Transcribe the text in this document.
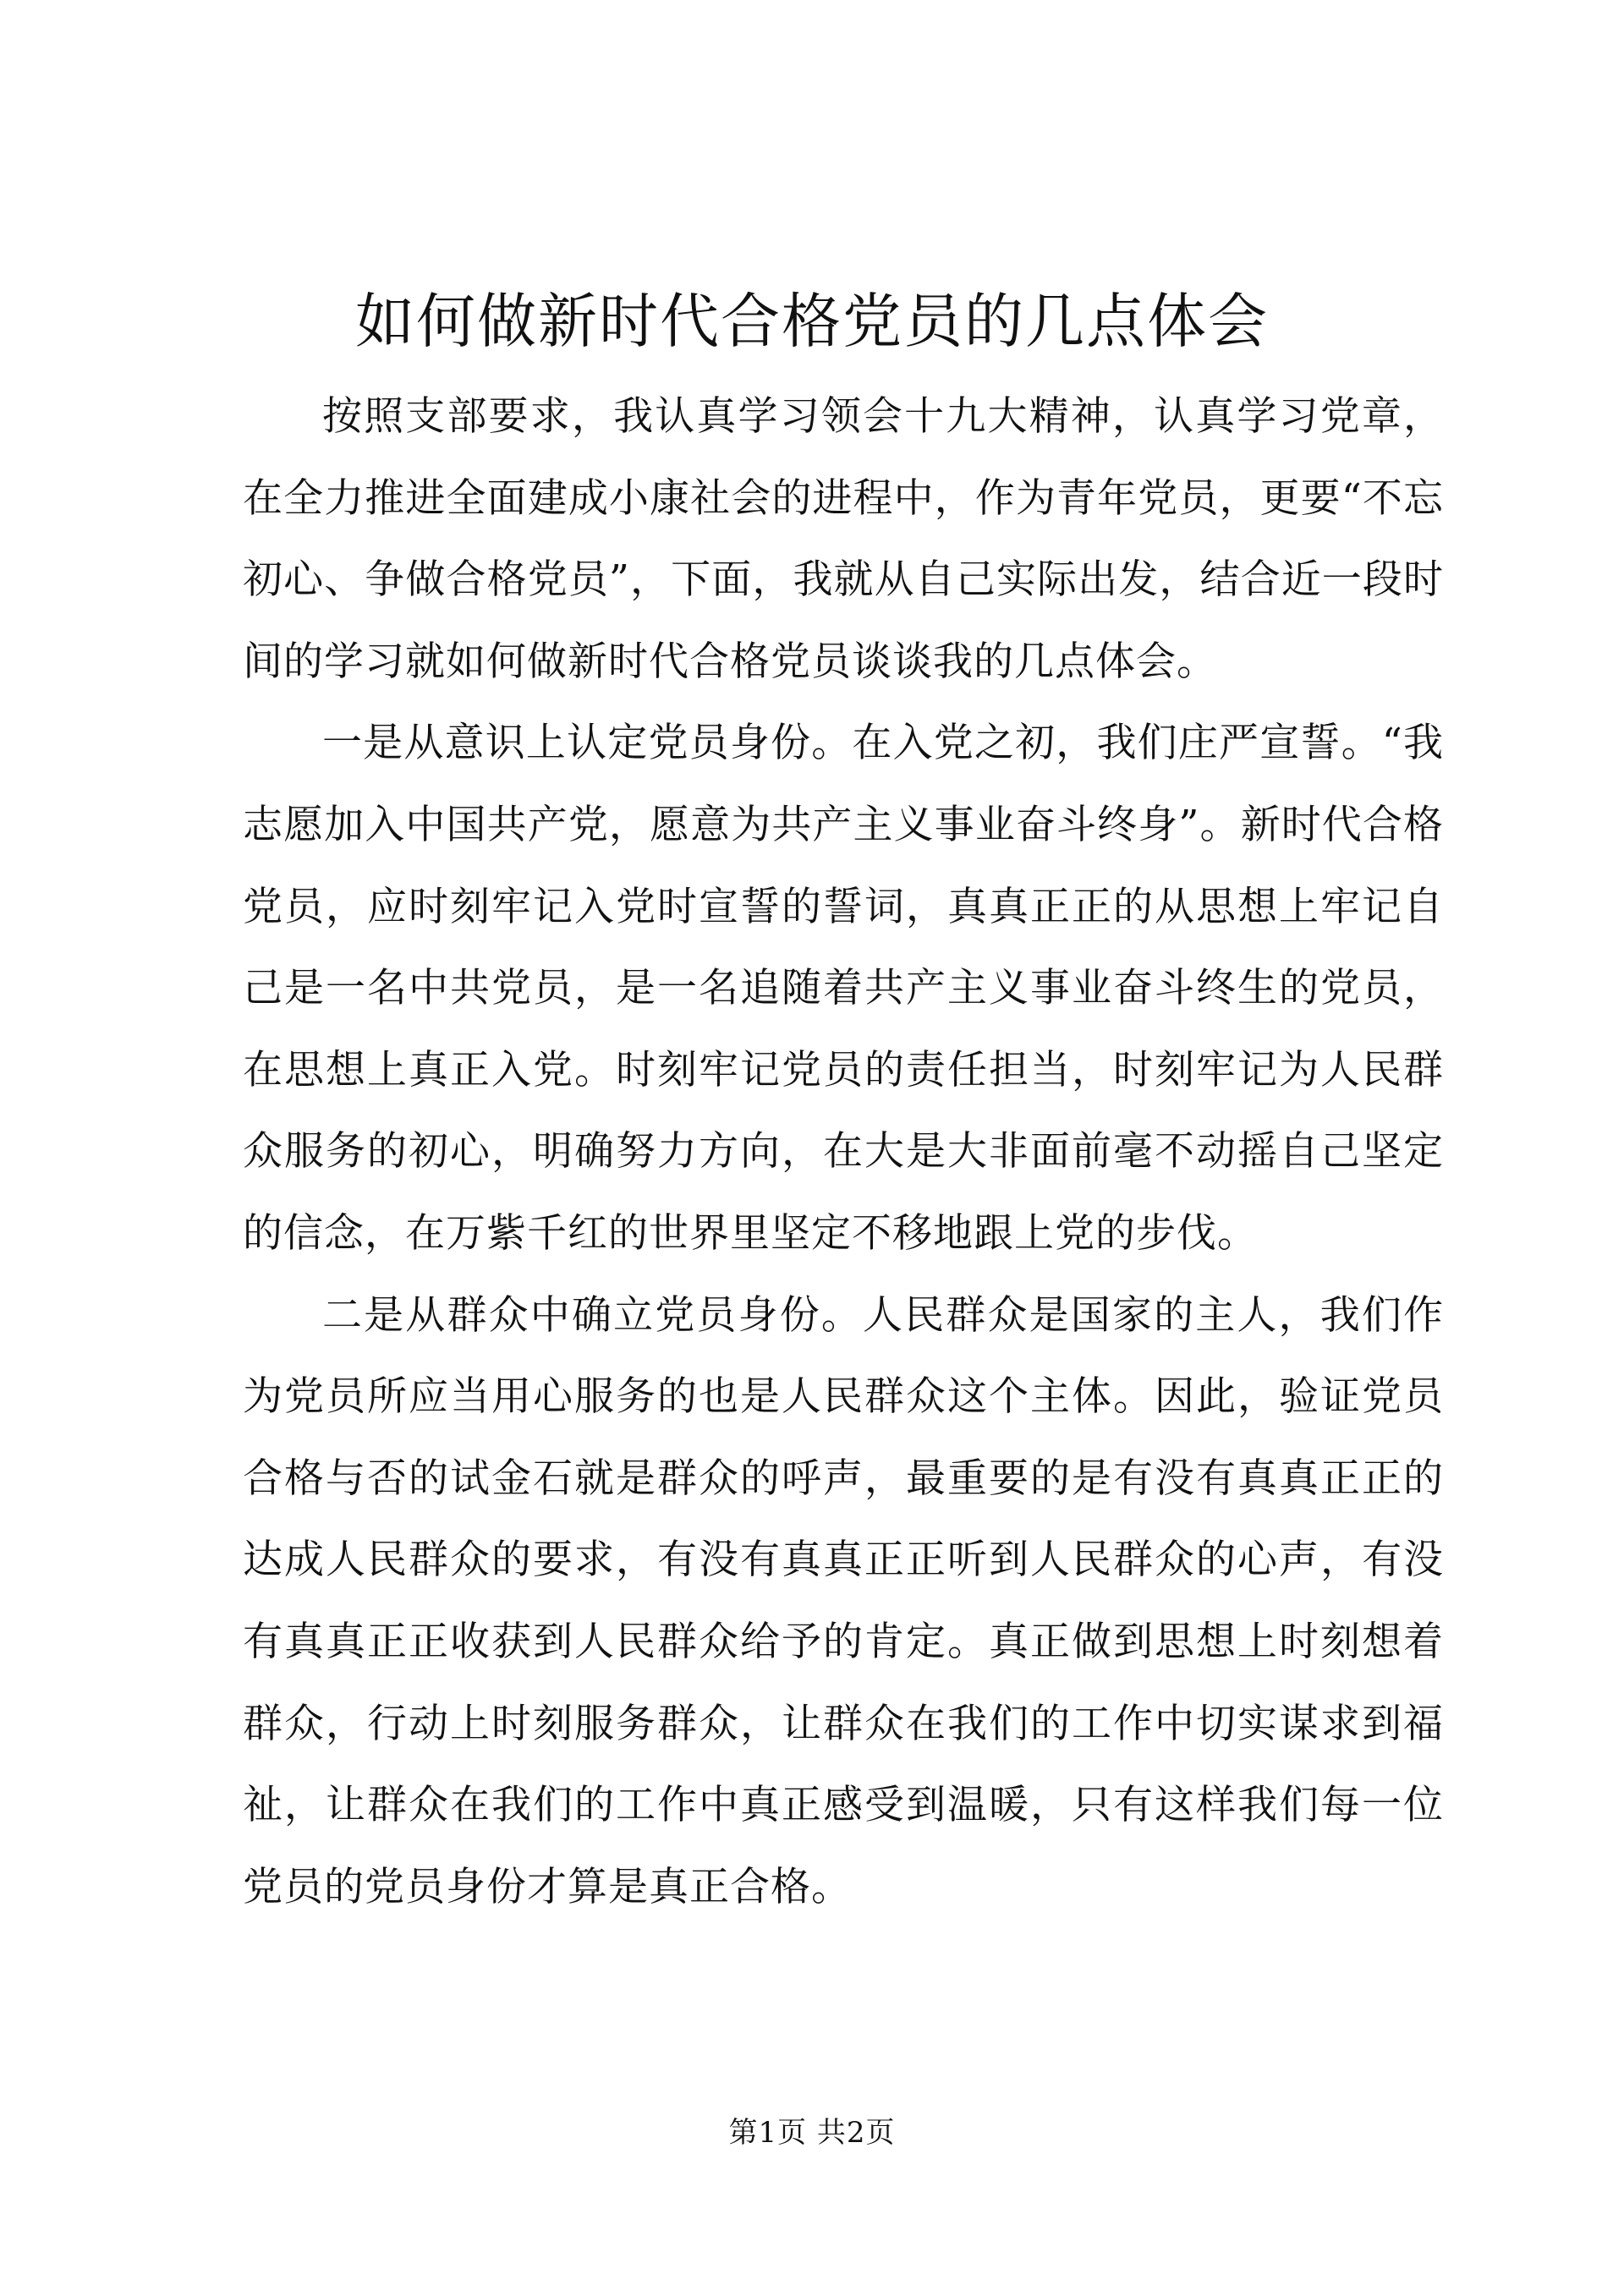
如何做新时代合格党员的几点体会

按照支部要求，我认真学习领会十九大精神，认真学习党章，在全力推进全面建成小康社会的进程中，作为青年党员，更要“不忘初心、争做合格党员”，下面，我就从自己实际出发，结合近一段时间的学习就如何做新时代合格党员谈谈我的几点体会。

一是从意识上认定党员身份。在入党之初，我们庄严宣誓。“我志愿加入中国共产党，愿意为共产主义事业奋斗终身”。新时代合格党员，应时刻牢记入党时宣誓的誓词，真真正正的从思想上牢记自己是一名中共党员，是一名追随着共产主义事业奋斗终生的党员，在思想上真正入党。时刻牢记党员的责任担当，时刻牢记为人民群众服务的初心，明确努力方向，在大是大非面前毫不动摇自己坚定的信念，在万紫千红的世界里坚定不移地跟上党的步伐。

二是从群众中确立党员身份。人民群众是国家的主人，我们作为党员所应当用心服务的也是人民群众这个主体。因此，验证党员合格与否的试金石就是群众的呼声，最重要的是有没有真真正正的达成人民群众的要求，有没有真真正正听到人民群众的心声，有没有真真正正收获到人民群众给予的肯定。真正做到思想上时刻想着群众，行动上时刻服务群众，让群众在我们的工作中切实谋求到福祉，让群众在我们的工作中真正感受到温暖，只有这样我们每一位党员的党员身份才算是真正合格。

第1页 共2页
